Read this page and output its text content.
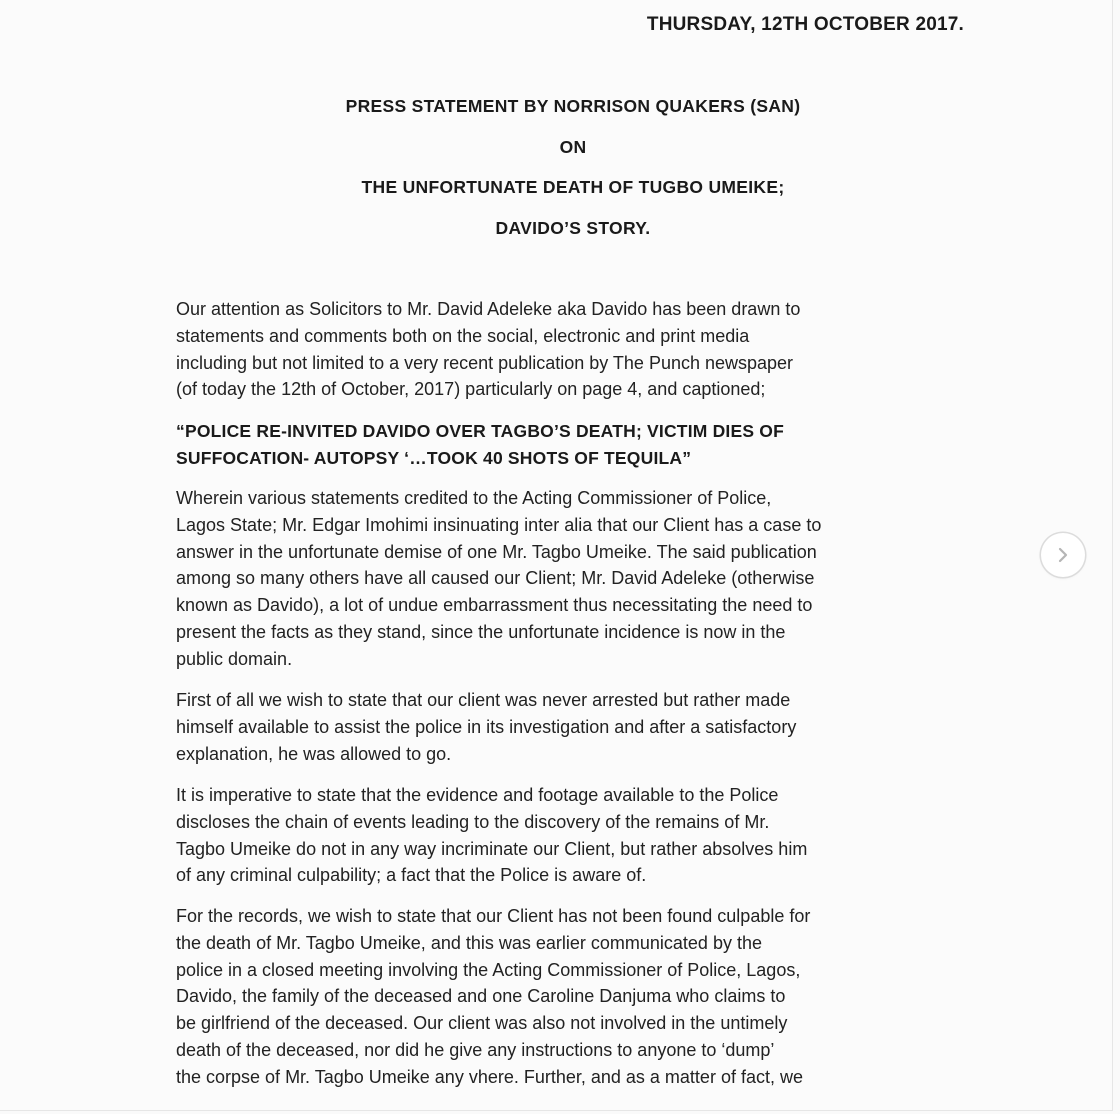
THURSDAY, 12TH OCTOBER 2017.
PRESS STATEMENT BY NORRISON QUAKERS (SAN)
ON
THE UNFORTUNATE DEATH OF TUGBO UMEIKE;
DAVIDO’S STORY.

Our attention as Solicitors to Mr. David Adeleke aka Davido has been drawn to
statements and comments both on the social, electronic and print media
including but not limited to a very recent publication by The Punch newspaper
(of today the 12th of October, 2017) particularly on page 4, and captioned;

“POLICE RE-INVITED DAVIDO OVER TAGBO’S DEATH; VICTIM DIES OF
SUFFOCATION- AUTOPSY ‘…TOOK 40 SHOTS OF TEQUILA”

Wherein various statements credited to the Acting Commissioner of Police,
Lagos State; Mr. Edgar Imohimi insinuating inter alia that our Client has a case to
answer in the unfortunate demise of one Mr. Tagbo Umeike. The said publication
among so many others have all caused our Client; Mr. David Adeleke (otherwise
known as Davido), a lot of undue embarrassment thus necessitating the need to
present the facts as they stand, since the unfortunate incidence is now in the
public domain.

First of all we wish to state that our client was never arrested but rather made
himself available to assist the police in its investigation and after a satisfactory
explanation, he was allowed to go.

It is imperative to state that the evidence and footage available to the Police
discloses the chain of events leading to the discovery of the remains of Mr.
Tagbo Umeike do not in any way incriminate our Client, but rather absolves him
of any criminal culpability; a fact that the Police is aware of.

For the records, we wish to state that our Client has not been found culpable for
the death of Mr. Tagbo Umeike, and this was earlier communicated by the
police in a closed meeting involving the Acting Commissioner of Police, Lagos,
Davido, the family of the deceased and one Caroline Danjuma who claims to
be girlfriend of the deceased. Our client was also not involved in the untimely
death of the deceased, nor did he give any instructions to anyone to ‘dump’
the corpse of Mr. Tagbo Umeike any vhere. Further, and as a matter of fact, we
